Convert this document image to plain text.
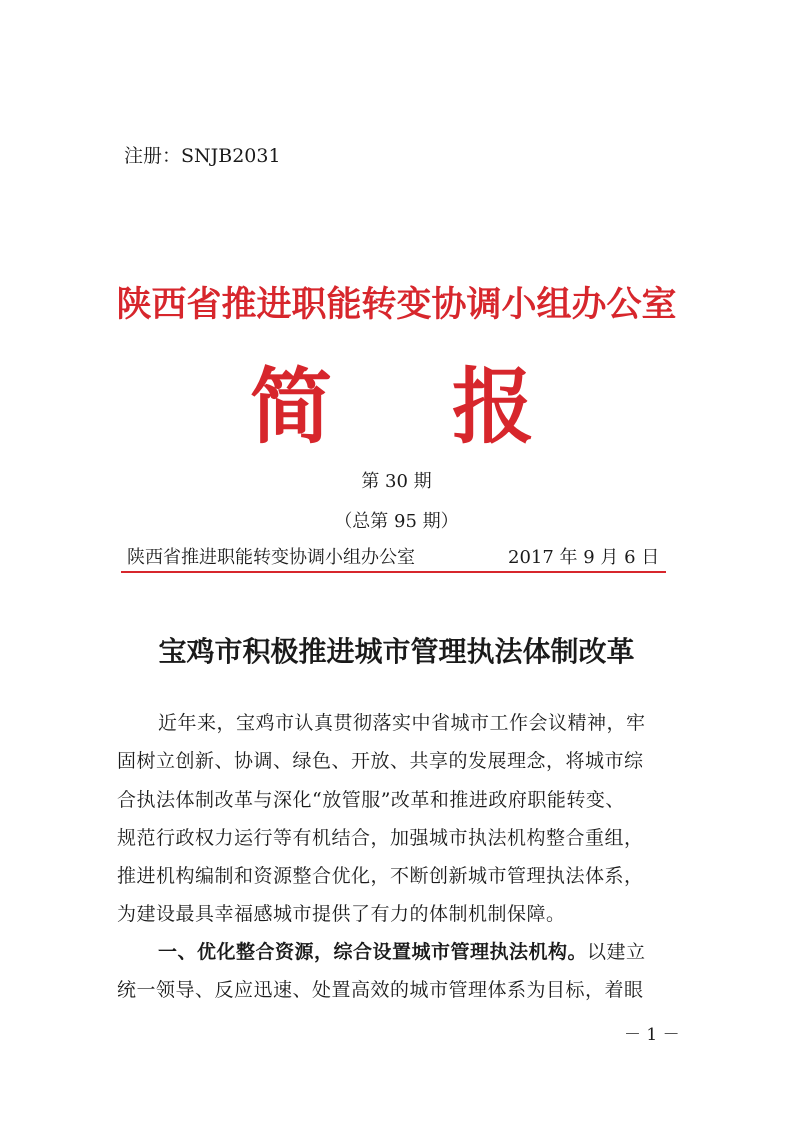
注册：SNJB2031
陕西省推进职能转变协调小组办公室
简 报
第 30 期
（总第 95 期）
陕西省推进职能转变协调小组办公室	2017 年 9 月 6 日
宝鸡市积极推进城市管理执法体制改革
近年来，宝鸡市认真贯彻落实中省城市工作会议精神，牢
固树立创新、协调、绿色、开放、共享的发展理念，将城市综
合执法体制改革与深化“放管服”改革和推进政府职能转变、
规范行政权力运行等有机结合，加强城市执法机构整合重组，
推进机构编制和资源整合优化，不断创新城市管理执法体系，
为建设最具幸福感城市提供了有力的体制机制保障。
一、优化整合资源，综合设置城市管理执法机构。以建立
统一领导、反应迅速、处置高效的城市管理体系为目标，着眼
－ 1 －
